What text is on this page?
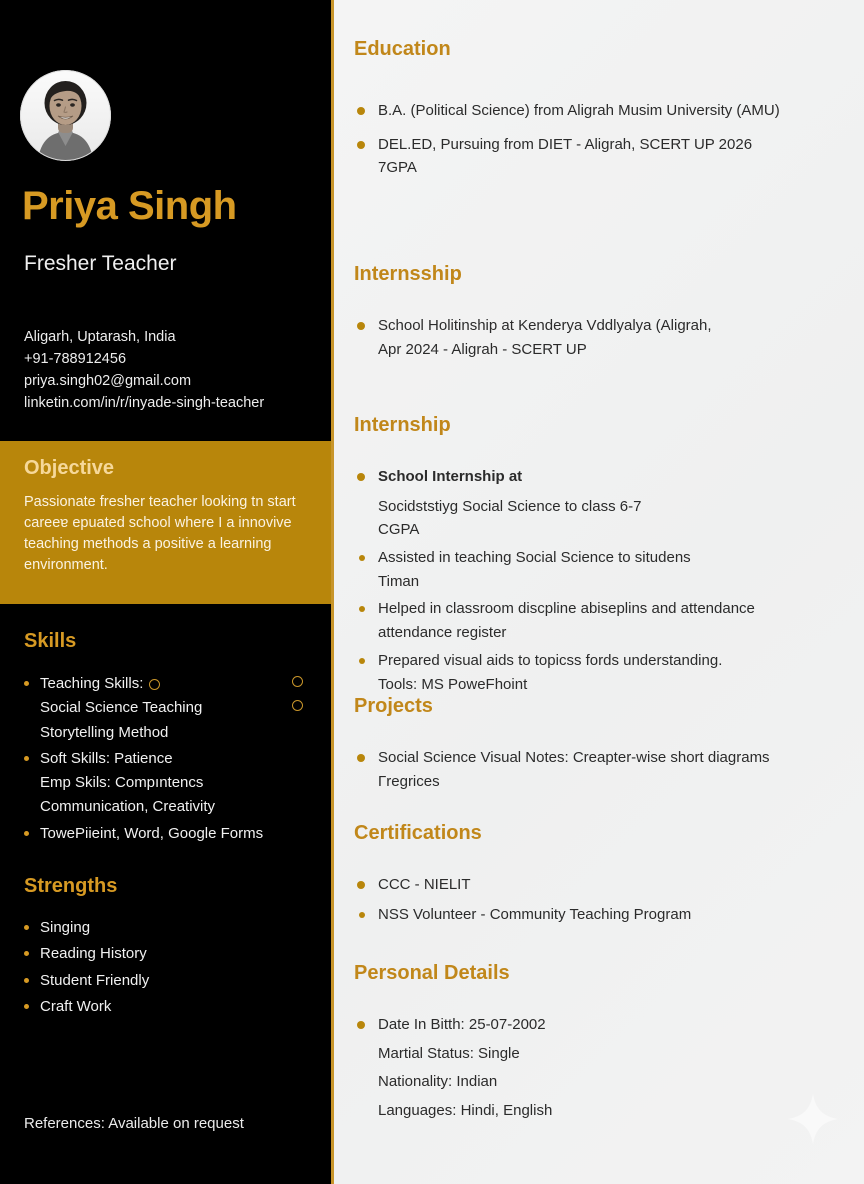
Priya Singh
Fresher Teacher
Aligarh, Uptarash, India
+91-788912456
priya.singh02@gmail.com
linketin.com/in/r/inyade-singh-teacher
Objective
Passionate fresher teacher looking tn start careeɐ epuated school where I a innovive teaching methods a positive a learning environment.
Skills
Teaching Skills:
Social Science Teaching
Storytelling Method
Soft Skills: Patience
Emp Skils: Compıntencs
Communication, Creativity
TowePiieint, Word, Google Forms
Strengths
Singing
Reading History
Student Friendly
Craft Work
References: Available on request
Education
B.A. (Political Science) from Aligrah Musim University (AMU)
DEL.ED, Pursuing from DIET - Aligrah, SCERT UP 2026
7GPA
Internsship
School Holitinship at Kenderya Vddlyalya (Aligrah,
Apr 2024 - Aligrah - SCERT UP
Internship
School Internship at
Socidststiyg Social Science to class 6-7
CGPA
Assisted in teaching Social Science to situdens
Timan
Helped in classroom discpline abiseplins and attendance
attendance register
Prepared visual aids to topicss fords understanding.
Tools: MS PoweFhoint
Projects
Social Science Visual Notes: Creapter-wise short diagrams
Γregrices
Certifications
CCC - NIELIT
NSS Volunteer - Community Teaching Program
Personal Details
Date In Bitth: 25-07-2002
Martial Status: Single
Nationality: Indian
Languages: Hindi, English
